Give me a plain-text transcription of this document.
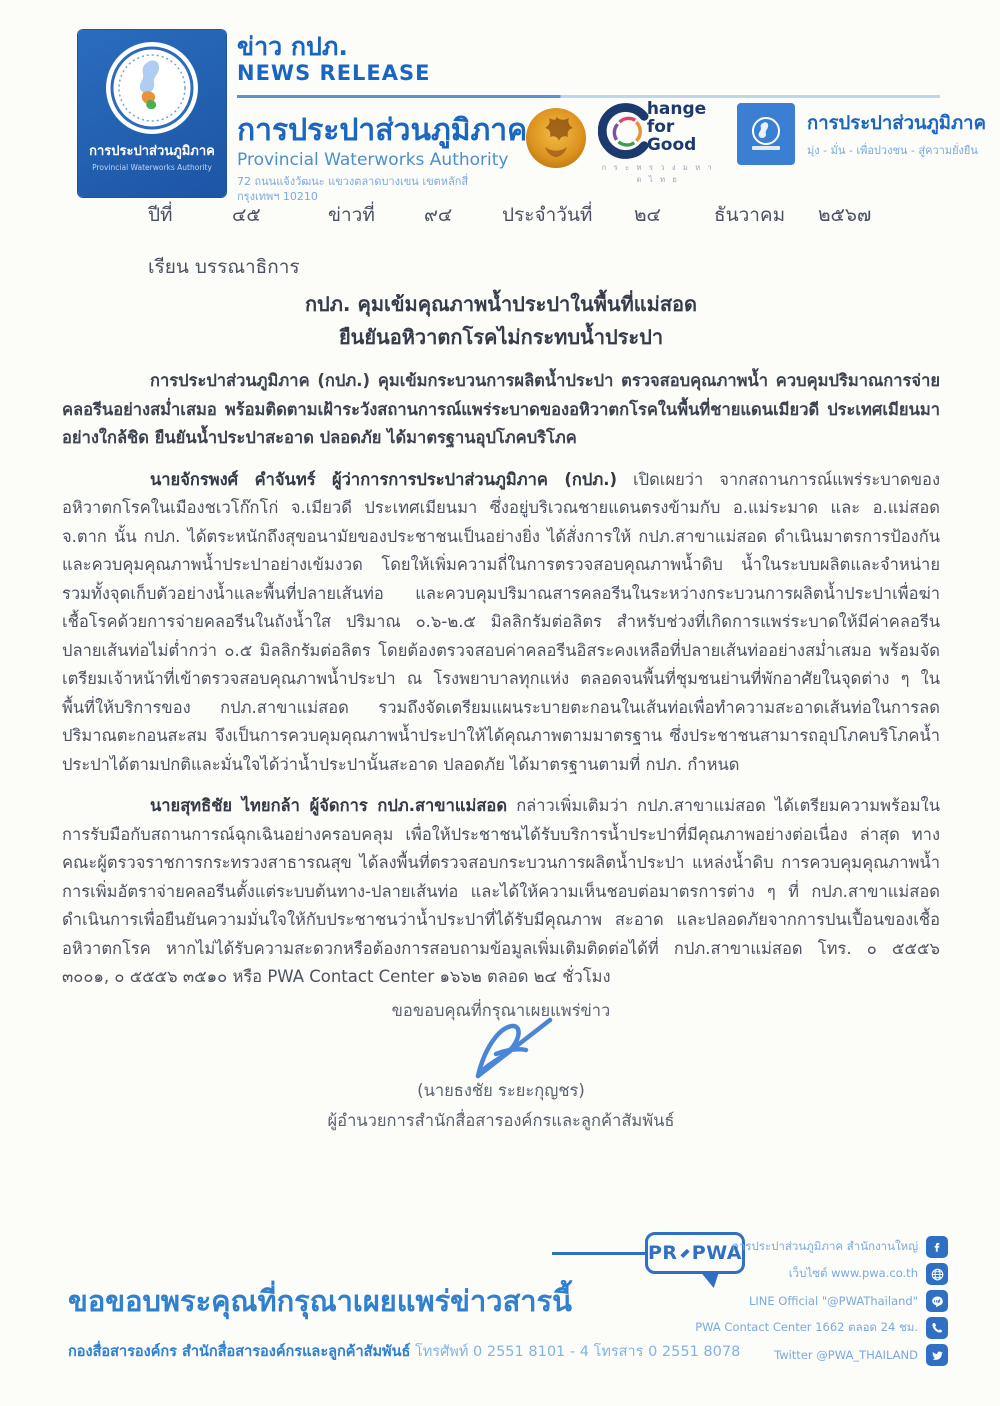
การประปาส่วนภูมิภาค
Provincial Waterworks Authority
ข่าว กปภ.
NEWS RELEASE
การประปาส่วนภูมิภาค
Provincial Waterworks Authority
72 ถนนแจ้งวัฒนะ แขวงตลาดบางเขน เขตหลักสี่
กรุงเทพฯ 10210
hange
for Good
ก ร ะ ท ร ว ง ม ห า ด ไ ท ย
การประปาส่วนภูมิภาค
มุ่ง - มั่น - เพื่อปวงชน - สู่ความยั่งยืน
ปีที่	๔๕	ข่าวที่	๙๔	ประจำวันที่ ๒๔	ธันวาคม ๒๕๖๗
เรียน บรรณาธิการ
กปภ. คุมเข้มคุณภาพน้ำประปาในพื้นที่แม่สอด
ยืนยันอหิวาตกโรคไม่กระทบน้ำประปา

การประปาส่วนภูมิภาค (กปภ.) คุมเข้มกระบวนการผลิตน้ำประปา ตรวจสอบคุณภาพน้ำ ควบคุมปริมาณการจ่ายคลอรีนอย่างสม่ำเสมอ พร้อมติดตามเฝ้าระวังสถานการณ์แพร่ระบาดของอหิวาตกโรคในพื้นที่ชายแดนเมียวดี ประเทศเมียนมา อย่างใกล้ชิด ยืนยันน้ำประปาสะอาด ปลอดภัย ได้มาตรฐานอุปโภคบริโภค

นายจักรพงศ์ คำจันทร์ ผู้ว่าการการประปาส่วนภูมิภาค (กปภ.) เปิดเผยว่า จากสถานการณ์แพร่ระบาดของอหิวาตกโรคในเมืองชเวโก๊กโก่ จ.เมียวดี ประเทศเมียนมา ซึ่งอยู่บริเวณชายแดนตรงข้ามกับ อ.แม่ระมาด และ อ.แม่สอด จ.ตาก นั้น กปภ. ได้ตระหนักถึงสุขอนามัยของประชาชนเป็นอย่างยิ่ง ได้สั่งการให้ กปภ.สาขาแม่สอด ดำเนินมาตรการป้องกันและควบคุมคุณภาพน้ำประปาอย่างเข้มงวด โดยให้เพิ่มความถี่ในการตรวจสอบคุณภาพน้ำดิบ น้ำในระบบผลิตและจำหน่าย รวมทั้งจุดเก็บตัวอย่างน้ำและพื้นที่ปลายเส้นท่อ และควบคุมปริมาณสารคลอรีนในระหว่างกระบวนการผลิตน้ำประปาเพื่อฆ่าเชื้อโรคด้วยการจ่ายคลอรีนในถังน้ำใส ปริมาณ ๐.๖-๒.๕ มิลลิกรัมต่อลิตร สำหรับช่วงที่เกิดการแพร่ระบาดให้มีค่าคลอรีนปลายเส้นท่อไม่ต่ำกว่า ๐.๕ มิลลิกรัมต่อลิตร โดยต้องตรวจสอบค่าคลอรีนอิสระคงเหลือที่ปลายเส้นท่ออย่างสม่ำเสมอ พร้อมจัดเตรียมเจ้าหน้าที่เข้าตรวจสอบคุณภาพน้ำประปา ณ โรงพยาบาลทุกแห่ง ตลอดจนพื้นที่ชุมชนย่านที่พักอาศัยในจุดต่าง ๆ ในพื้นที่ให้บริการของ กปภ.สาขาแม่สอด รวมถึงจัดเตรียมแผนระบายตะกอนในเส้นท่อเพื่อทำความสะอาดเส้นท่อในการลดปริมาณตะกอนสะสม จึงเป็นการควบคุมคุณภาพน้ำประปาให้ได้คุณภาพตามมาตรฐาน ซึ่งประชาชนสามารถอุปโภคบริโภคน้ำประปาได้ตามปกติและมั่นใจได้ว่าน้ำประปานั้นสะอาด ปลอดภัย ได้มาตรฐานตามที่ กปภ. กำหนด

นายสุทธิชัย ไทยกล้า ผู้จัดการ กปภ.สาขาแม่สอด กล่าวเพิ่มเติมว่า กปภ.สาขาแม่สอด ได้เตรียมความพร้อมในการรับมือกับสถานการณ์ฉุกเฉินอย่างครอบคลุม เพื่อให้ประชาชนได้รับบริการน้ำประปาที่มีคุณภาพอย่างต่อเนื่อง ล่าสุด ทางคณะผู้ตรวจราชการกระทรวงสาธารณสุข ได้ลงพื้นที่ตรวจสอบกระบวนการผลิตน้ำประปา แหล่งน้ำดิบ การควบคุมคุณภาพน้ำ การเพิ่มอัตราจ่ายคลอรีนตั้งแต่ระบบต้นทาง-ปลายเส้นท่อ และได้ให้ความเห็นชอบต่อมาตรการต่าง ๆ ที่ กปภ.สาขาแม่สอด ดำเนินการเพื่อยืนยันความมั่นใจให้กับประชาชนว่าน้ำประปาที่ได้รับมีคุณภาพ สะอาด และปลอดภัยจากการปนเปื้อนของเชื้ออหิวาตกโรค หากไม่ได้รับความสะดวกหรือต้องการสอบถามข้อมูลเพิ่มเติมติดต่อได้ที่ กปภ.สาขาแม่สอด โทร. ๐ ๕๕๕๖ ๓๐๐๑, ๐ ๕๕๕๖ ๓๕๑๐ หรือ PWA Contact Center ๑๖๖๒ ตลอด ๒๔ ชั่วโมง

ขอขอบคุณที่กรุณาเผยแพร่ข่าว
(นายธงชัย ระยะกุญชร)
ผู้อำนวยการสำนักสื่อสารองค์กรและลูกค้าสัมพันธ์
PR PWA
การประปาส่วนภูมิภาค สำนักงานใหญ่
เว็บไซต์ www.pwa.co.th
LINE Official "@PWAThailand"
PWA Contact Center 1662 ตลอด 24 ชม.
Twitter @PWA_THAILAND
ขอขอบพระคุณที่กรุณาเผยแพร่ข่าวสารนี้
กองสื่อสารองค์กร สำนักสื่อสารองค์กรและลูกค้าสัมพันธ์ โทรศัพท์ 0 2551 8101 - 4 โทรสาร 0 2551 8078
